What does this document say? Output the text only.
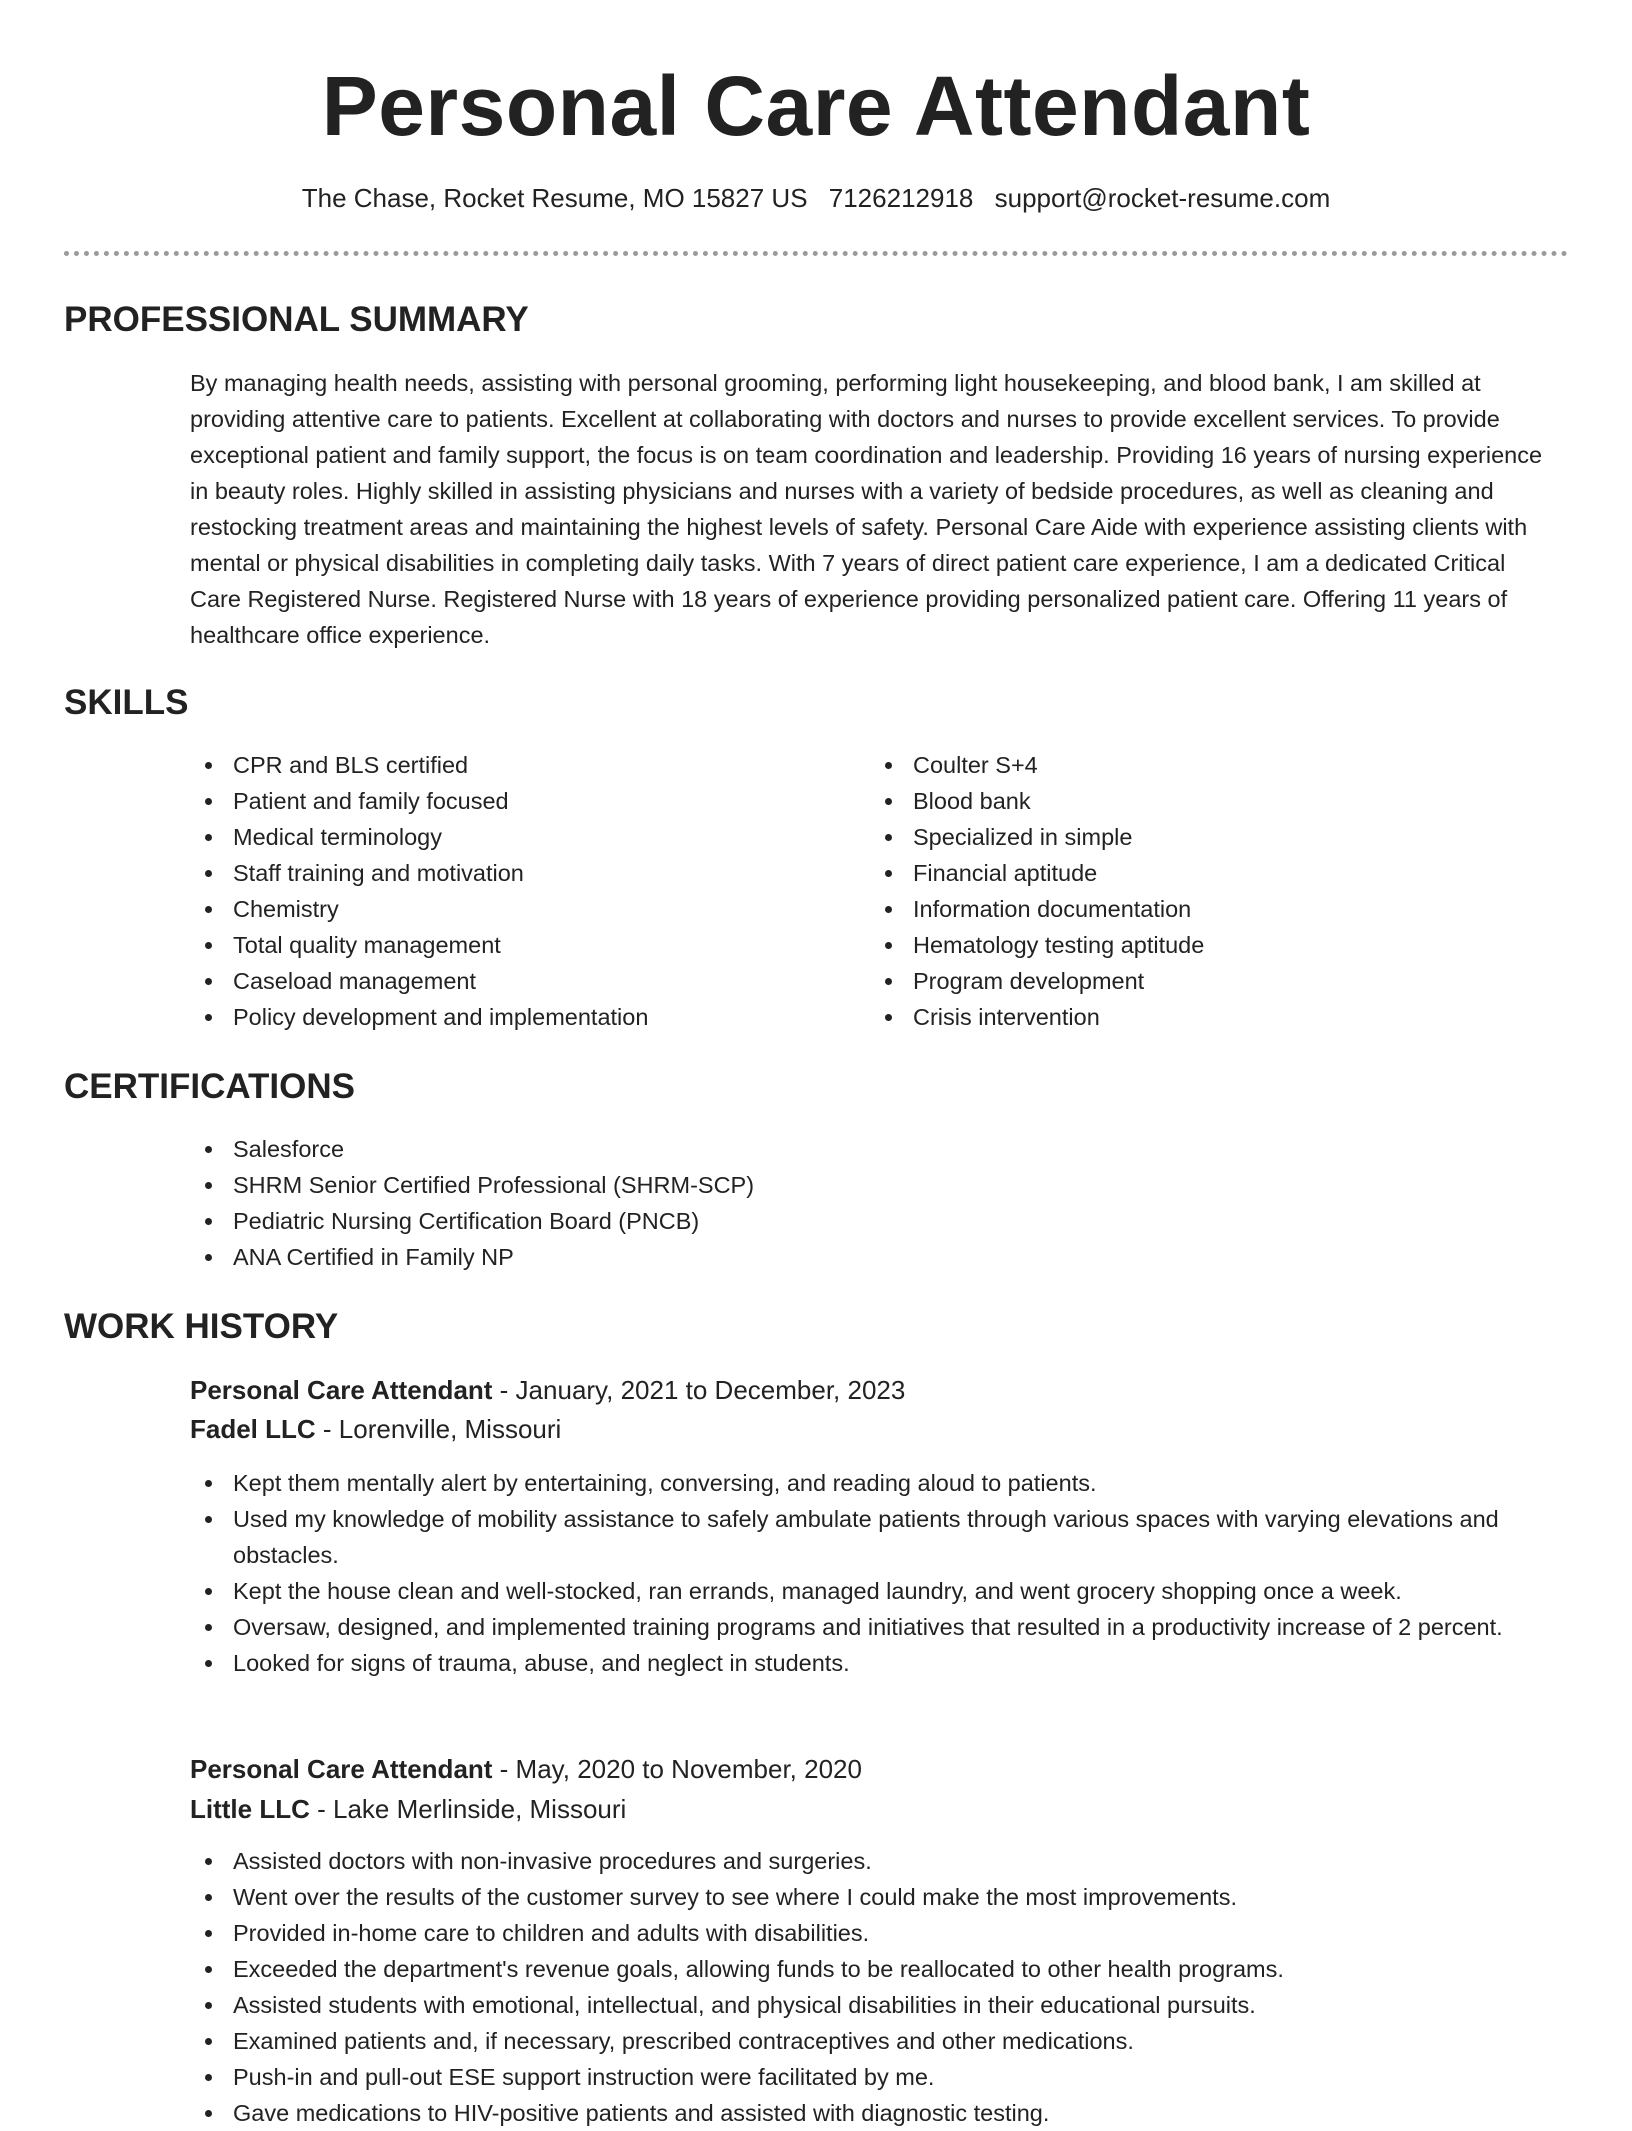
Personal Care Attendant
The Chase, Rocket Resume, MO 15827 US 7126212918 support@rocket-resume.com
PROFESSIONAL SUMMARY
By managing health needs, assisting with personal grooming, performing light housekeeping, and blood bank, I am skilled at providing attentive care to patients. Excellent at collaborating with doctors and nurses to provide excellent services. To provide exceptional patient and family support, the focus is on team coordination and leadership. Providing 16 years of nursing experience in beauty roles. Highly skilled in assisting physicians and nurses with a variety of bedside procedures, as well as cleaning and restocking treatment areas and maintaining the highest levels of safety. Personal Care Aide with experience assisting clients with mental or physical disabilities in completing daily tasks. With 7 years of direct patient care experience, I am a dedicated Critical Care Registered Nurse. Registered Nurse with 18 years of experience providing personalized patient care. Offering 11 years of healthcare office experience.
SKILLS
CPR and BLS certified
Patient and family focused
Medical terminology
Staff training and motivation
Chemistry
Total quality management
Caseload management
Policy development and implementation
Coulter S+4
Blood bank
Specialized in simple
Financial aptitude
Information documentation
Hematology testing aptitude
Program development
Crisis intervention
CERTIFICATIONS
Salesforce
SHRM Senior Certified Professional (SHRM-SCP)
Pediatric Nursing Certification Board (PNCB)
ANA Certified in Family NP
WORK HISTORY
Personal Care Attendant - January, 2021 to December, 2023
Fadel LLC - Lorenville, Missouri
Kept them mentally alert by entertaining, conversing, and reading aloud to patients.
Used my knowledge of mobility assistance to safely ambulate patients through various spaces with varying elevations and obstacles.
Kept the house clean and well-stocked, ran errands, managed laundry, and went grocery shopping once a week.
Oversaw, designed, and implemented training programs and initiatives that resulted in a productivity increase of 2 percent.
Looked for signs of trauma, abuse, and neglect in students.
Personal Care Attendant - May, 2020 to November, 2020
Little LLC - Lake Merlinside, Missouri
Assisted doctors with non-invasive procedures and surgeries.
Went over the results of the customer survey to see where I could make the most improvements.
Provided in-home care to children and adults with disabilities.
Exceeded the department's revenue goals, allowing funds to be reallocated to other health programs.
Assisted students with emotional, intellectual, and physical disabilities in their educational pursuits.
Examined patients and, if necessary, prescribed contraceptives and other medications.
Push-in and pull-out ESE support instruction were facilitated by me.
Gave medications to HIV-positive patients and assisted with diagnostic testing.
